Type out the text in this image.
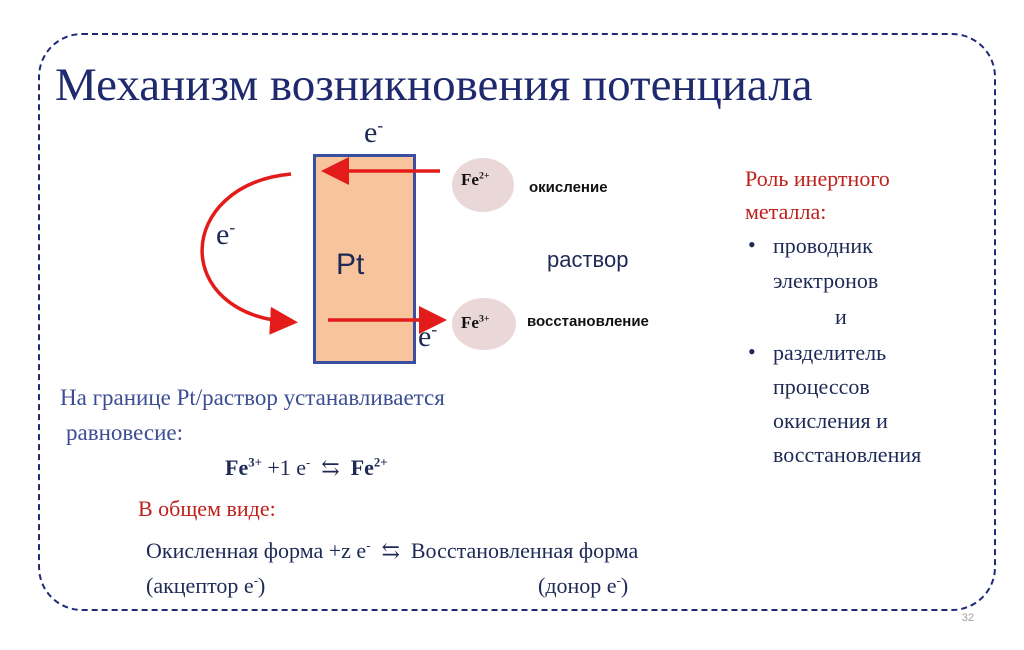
Механизм возникновения потенциала
Pt
e-
e-
e-
$Fe^{2+}$
$Fe^{3+}$
окисление
восстановление
раствор
Роль инертного
металла:
• проводник
электронов
и
• разделитель
процессов
окисления и
восстановления
На границе Pt/раствор устанавливается
равновесие:
$Fe^{3+} +1$ e- ⇆ $Fe^{2+}$
В общем виде:
Окисленная форма +z e- ⇆ Восстановленная форма
(акцептор e-)	(донор e-)
32
